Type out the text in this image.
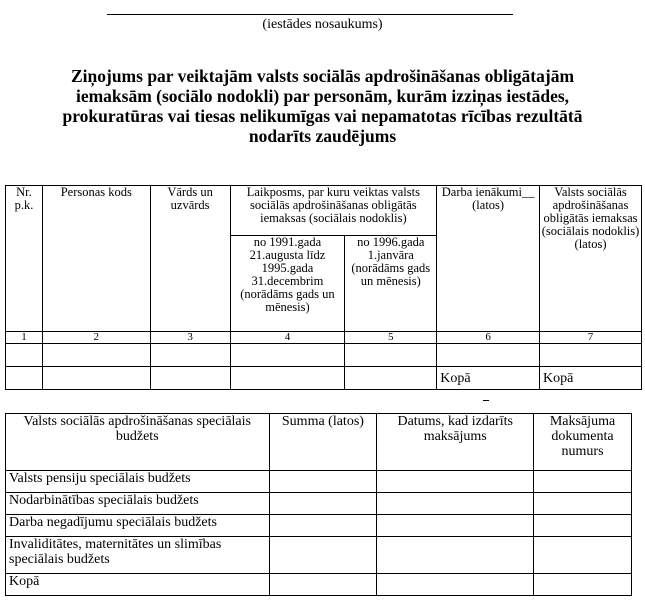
(iestādes nosaukums)
Ziņojums par veiktajām valsts sociālās apdrošināšanas obligātajām
iemaksām (sociālo nodokli) par personām, kurām izziņas iestādes,
prokuratūras vai tiesas nelikumīgas vai nepamatotas rīcības rezultātā
nodarīts zaudējums
Nr. p.k.	Personas kods	Vārds un uzvārds	Laikposms, par kuru veiktas valsts sociālās apdrošināšanas obligātās iemaksas (sociālais nodoklis)		Darba ienākumi__ (latos)	Valsts sociālās apdrošināšanas obligātās iemaksas (sociālais nodoklis) (latos)
			no 1991.gada 21.augusta līdz 1995.gada 31.decembrim (norādāms gads un mēnesis)	no 1996.gada 1.janvāra (norādāms gads un mēnesis)		
1	2	3	4	5	6	7

					Kopā	Kopā
Valsts sociālās apdrošināšanas speciālais budžets	Summa (latos)	Datums, kad izdarīts maksājums	Maksājuma dokumenta numurs
Valsts pensiju speciālais budžets			
Nodarbinātības speciālais budžets			
Darba negadījumu speciālais budžets			
Invaliditātes, maternitātes un slimības speciālais budžets			
Kopā			
